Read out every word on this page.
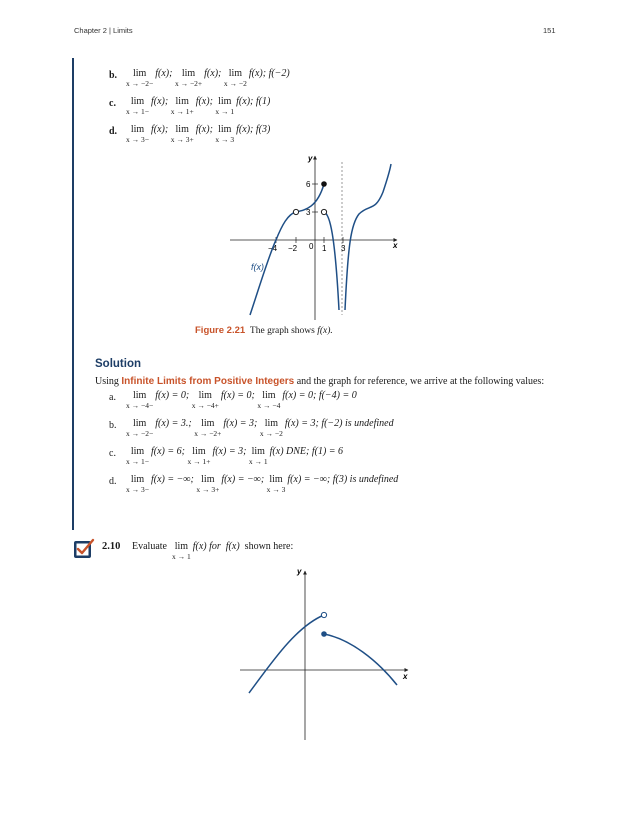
Chapter 2 | Limits	151
b.	lim
x → −2−
f(x); lim
x → −2+
f(x); lim
x → −2
f(x); f(−2)
c.	lim
x → 1−
f(x); lim
x → 1+
f(x); lim
x → 1
f(x); f(1)
d.	lim
x → 3−
f(x); lim
x → 3+
f(x); lim
x → 3
f(x); f(3)
x
y
−4 −2 0 1 3
6
3
f(x)
Figure 2.21 The graph shows f(x).
Solution
Using Infinite Limits from Positive Integers and the graph for reference, we arrive at the following values:
a.	lim
x → −4−
f(x) = 0; lim
x → −4+
f(x) = 0; lim
x → −4
f(x) = 0; f(−4) = 0
b.	lim
x → −2−
f(x) = 3.; lim
x → −2+
f(x) = 3; lim
x → −2
f(x) = 3; f(−2) is undefined
c.	lim
x → 1−
f(x) = 6; lim
x → 1+
f(x) = 3; lim
x → 1
f(x) DNE; f(1) = 6
d.	lim
x → 3−
f(x) = −∞; lim
x → 3+
f(x) = −∞; lim
x → 3
f(x) = −∞; f(3) is undefined
2.10 Evaluate lim
x → 1
f(x) for f(x) shown here:
x
y
